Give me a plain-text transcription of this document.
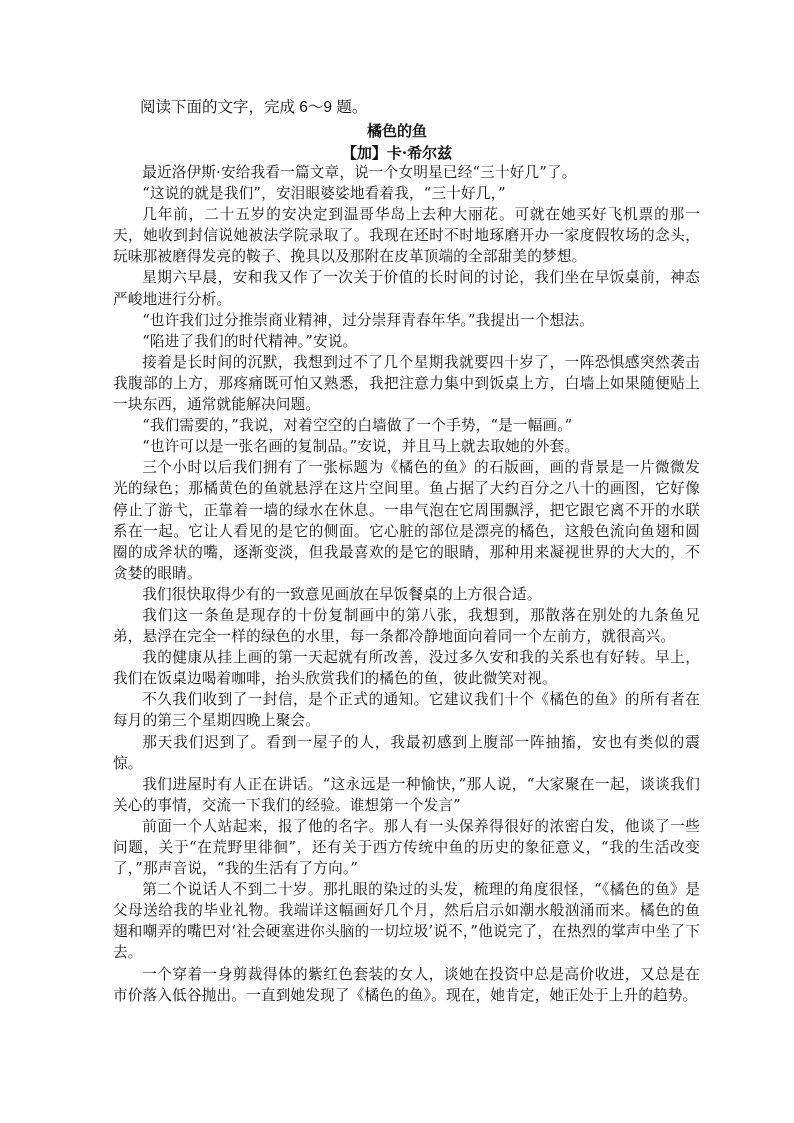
阅读下面的文字，完成 6～9 题。
橘色的鱼
【加】卡·希尔兹

最近洛伊斯·安给我看一篇文章，说一个女明星已经“三十好几”了。

“这说的就是我们”，安泪眼婆娑地看着我，“三十好几，”

几年前，二十五岁的安决定到温哥华岛上去种大丽花。可就在她买好飞机票的那一天，她收到封信说她被法学院录取了。我现在还时不时地琢磨开办一家度假牧场的念头，玩味那被磨得发亮的鞍子、挽具以及那附在皮革顶端的全部甜美的梦想。

星期六早晨，安和我又作了一次关于价值的长时间的讨论，我们坐在早饭桌前，神态严峻地进行分析。

“也许我们过分推崇商业精神，过分崇拜青春年华。”我提出一个想法。

“陷进了我们的时代精神。”安说。

接着是长时间的沉默，我想到过不了几个星期我就要四十岁了，一阵恐惧感突然袭击我腹部的上方，那疼痛既可怕又熟悉，我把注意力集中到饭桌上方，白墙上如果随便贴上一块东西，通常就能解决问题。

“我们需要的，”我说，对着空空的白墙做了一个手势，“是一幅画。”

“也许可以是一张名画的复制品。”安说，并且马上就去取她的外套。

三个小时以后我们拥有了一张标题为《橘色的鱼》的石版画，画的背景是一片微微发光的绿色；那橘黄色的鱼就悬浮在这片空间里。鱼占据了大约百分之八十的画图，它好像停止了游弋，正靠着一墙的绿水在休息。一串气泡在它周围飘浮，把它跟它离不开的水联系在一起。它让人看见的是它的侧面。它心脏的部位是漂亮的橘色，这般色流向鱼翅和圆圈的成斧状的嘴，逐渐变淡，但我最喜欢的是它的眼睛，那种用来凝视世界的大大的，不贪婪的眼睛。

我们很快取得少有的一致意见画放在早饭餐桌的上方很合适。

我们这一条鱼是现存的十份复制画中的第八张，我想到，那散落在别处的九条鱼兄弟，悬浮在完全一样的绿色的水里，每一条都冷静地面向着同一个左前方，就很高兴。

我的健康从挂上画的第一天起就有所改善，没过多久安和我的关系也有好转。早上，我们在饭桌边喝着咖啡，抬头欣赏我们的橘色的鱼，彼此微笑对视。

不久我们收到了一封信，是个正式的通知。它建议我们十个《橘色的鱼》的所有者在每月的第三个星期四晚上聚会。

那天我们迟到了。看到一屋子的人，我最初感到上腹部一阵抽搐，安也有类似的震惊。

我们进屋时有人正在讲话。“这永远是一种愉快，”那人说，“大家聚在一起，谈谈我们关心的事情，交流一下我们的经验。谁想第一个发言”

前面一个人站起来，报了他的名字。那人有一头保养得很好的浓密白发，他谈了一些问题，关于“在荒野里徘徊”，还有关于西方传统中鱼的历史的象征意义，“我的生活改变了，”那声音说，“我的生活有了方向。”

第二个说话人不到二十岁。那扎眼的染过的头发，梳理的角度很怪，“《橘色的鱼》是父母送给我的毕业礼物。我端详这幅画好几个月，然后启示如潮水般汹涌而来。橘色的鱼翅和嘲弄的嘴巴对‘社会硬塞进你头脑的一切垃圾’说不，”他说完了，在热烈的掌声中坐了下去。

一个穿着一身剪裁得体的紫红色套装的女人，谈她在投资中总是高价收进，又总是在市价落入低谷抛出。一直到她发现了《橘色的鱼》。现在，她肯定，她正处于上升的趋势。
